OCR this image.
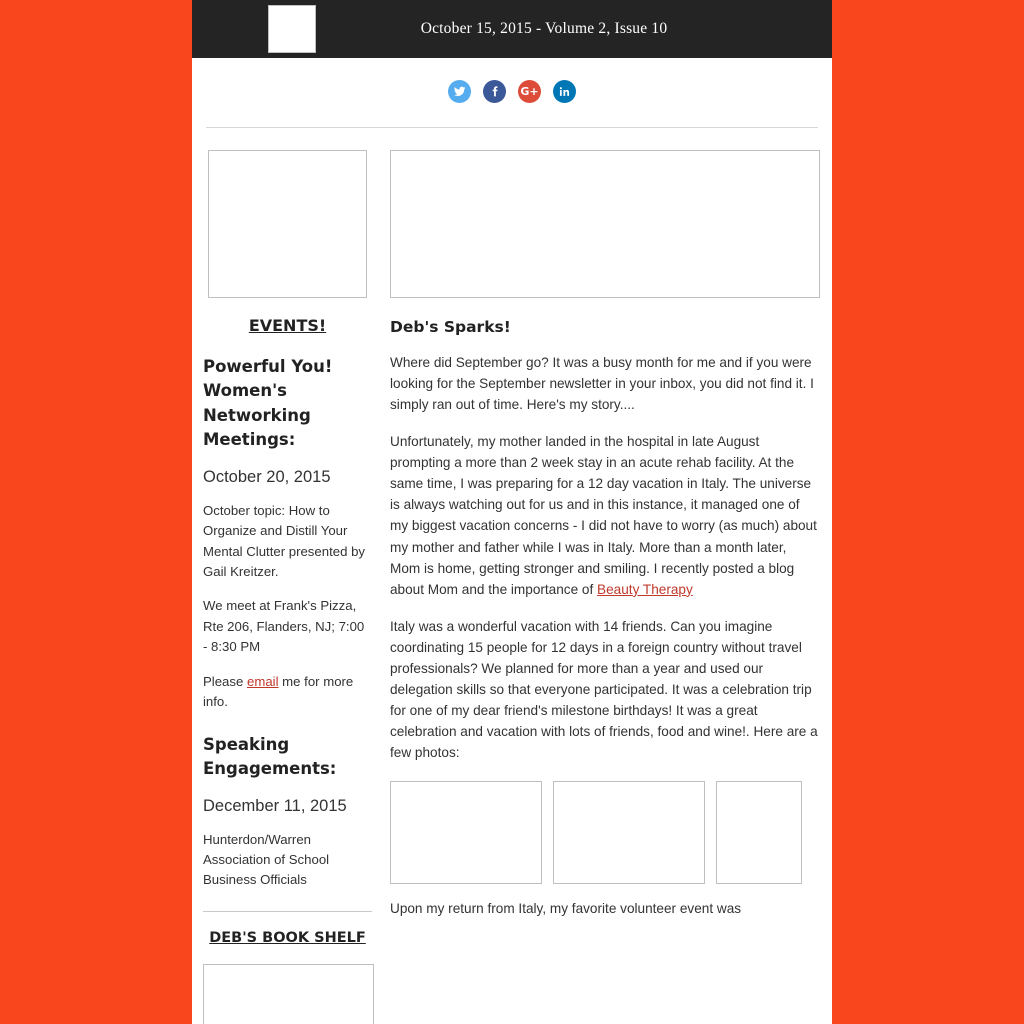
October 15, 2015 - Volume 2, Issue 10
G+
EVENTS!
Powerful You! Women's Networking Meetings:
October 20, 2015
October topic: How to Organize and Distill Your Mental Clutter presented by Gail Kreitzer.
We meet at Frank's Pizza, Rte 206, Flanders, NJ; 7:00 - 8:30 PM
Please email me for more info.
Speaking Engagements:
December 11, 2015
Hunterdon/Warren Association of School Business Officials
DEB'S BOOK SHELF
Deb's Sparks!
Where did September go? It was a busy month for me and if you were looking for the September newsletter in your inbox, you did not find it. I simply ran out of time. Here's my story....
Unfortunately, my mother landed in the hospital in late August prompting a more than 2 week stay in an acute rehab facility. At the same time, I was preparing for a 12 day vacation in Italy. The universe is always watching out for us and in this instance, it managed one of my biggest vacation concerns - I did not have to worry (as much) about my mother and father while I was in Italy. More than a month later, Mom is home, getting stronger and smiling. I recently posted a blog about Mom and the importance of Beauty Therapy
Italy was a wonderful vacation with 14 friends. Can you imagine coordinating 15 people for 12 days in a foreign country without travel professionals? We planned for more than a year and used our delegation skills so that everyone participated. It was a celebration trip for one of my dear friend's milestone birthdays! It was a great celebration and vacation with lots of friends, food and wine!. Here are a few photos:
Upon my return from Italy, my favorite volunteer event was
